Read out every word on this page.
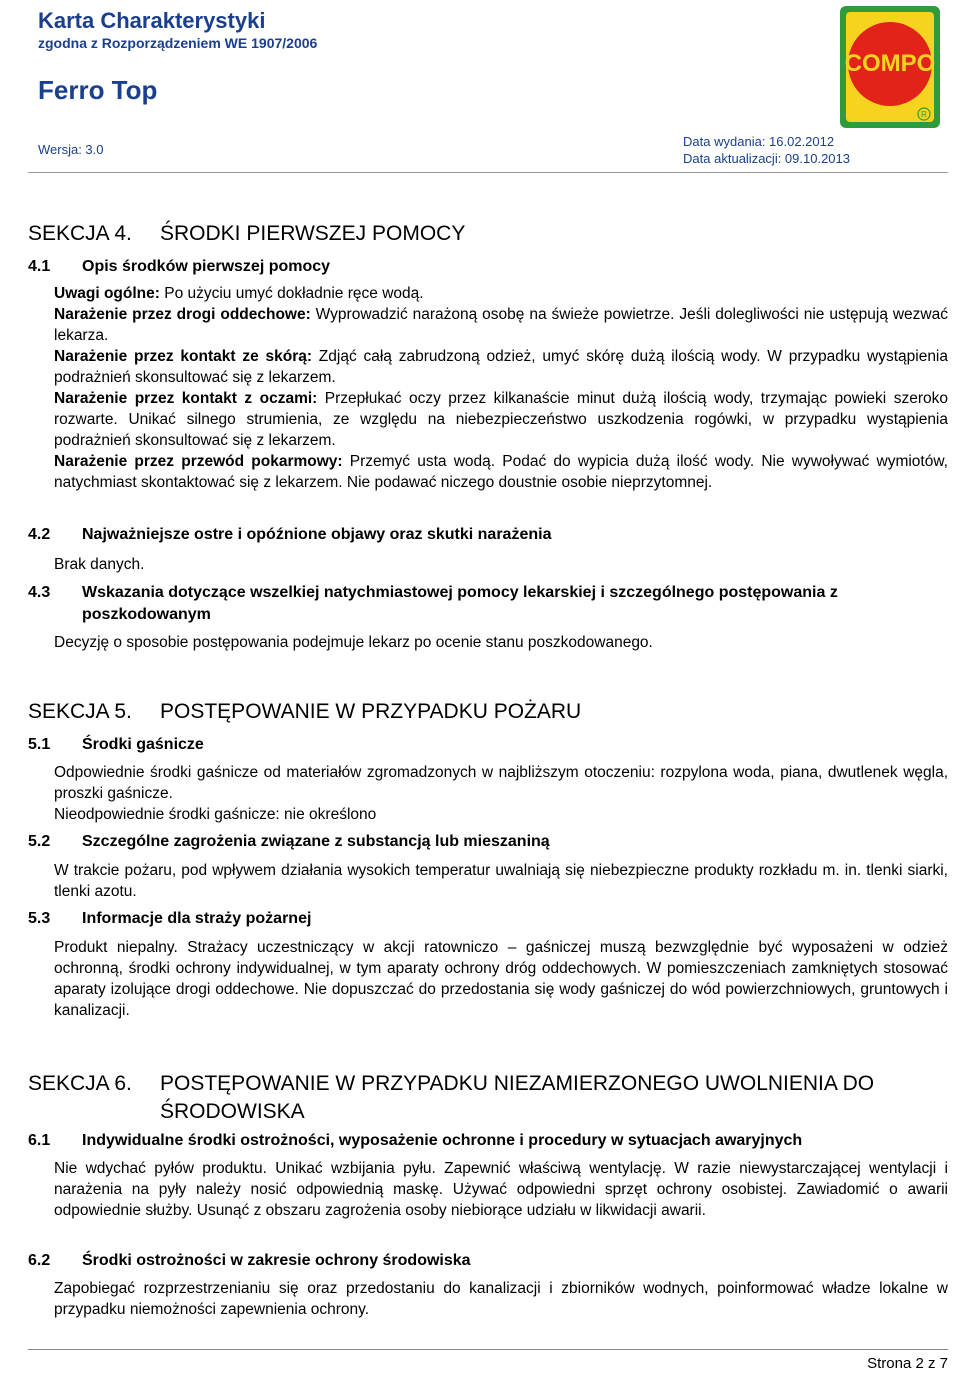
Karta Charakterystyki
zgodna z Rozporządzeniem WE 1907/2006
Ferro Top
Wersja: 3.0
Data wydania: 16.02.2012
Data aktualizacji: 09.10.2013
COMPO
R
SEKCJA 4. ŚRODKI PIERWSZEJ POMOCY
4.1 Opis środków pierwszej pomocy
Uwagi ogólne: Po użyciu umyć dokładnie ręce wodą.
Narażenie przez drogi oddechowe: Wyprowadzić narażoną osobę na świeże powietrze. Jeśli dolegliwości nie ustępują wezwać lekarza.
Narażenie przez kontakt ze skórą: Zdjąć całą zabrudzoną odzież, umyć skórę dużą ilością wody. W przypadku wystąpienia podrażnień skonsultować się z lekarzem.
Narażenie przez kontakt z oczami: Przepłukać oczy przez kilkanaście minut dużą ilością wody, trzymając powieki szeroko rozwarte. Unikać silnego strumienia, ze względu na niebezpieczeństwo uszkodzenia rogówki, w przypadku wystąpienia podrażnień skonsultować się z lekarzem.
Narażenie przez przewód pokarmowy: Przemyć usta wodą. Podać do wypicia dużą ilość wody. Nie wywoływać wymiotów, natychmiast skontaktować się z lekarzem. Nie podawać niczego doustnie osobie nieprzytomnej.
4.2 Najważniejsze ostre i opóźnione objawy oraz skutki narażenia
Brak danych.
4.3	Wskazania dotyczące wszelkiej natychmiastowej pomocy lekarskiej i szczególnego postępowania z poszkodowanym
Decyzję o sposobie postępowania podejmuje lekarz po ocenie stanu poszkodowanego.
SEKCJA 5. POSTĘPOWANIE W PRZYPADKU POŻARU
5.1 Środki gaśnicze
Odpowiednie środki gaśnicze od materiałów zgromadzonych w najbliższym otoczeniu: rozpylona woda, piana, dwutlenek węgla, proszki gaśnicze.
Nieodpowiednie środki gaśnicze: nie określono
5.2 Szczególne zagrożenia związane z substancją lub mieszaniną
W trakcie pożaru, pod wpływem działania wysokich temperatur uwalniają się niebezpieczne produkty rozkładu m. in. tlenki siarki, tlenki azotu.
5.3 Informacje dla straży pożarnej
Produkt niepalny. Strażacy uczestniczący w akcji ratowniczo – gaśniczej muszą bezwzględnie być wyposażeni w odzież ochronną, środki ochrony indywidualnej, w tym aparaty ochrony dróg oddechowych. W pomieszczeniach zamkniętych stosować aparaty izolujące drogi oddechowe. Nie dopuszczać do przedostania się wody gaśniczej do wód powierzchniowych, gruntowych i kanalizacji.
SEKCJA 6.	POSTĘPOWANIE W PRZYPADKU NIEZAMIERZONEGO UWOLNIENIA DO ŚRODOWISKA
6.1 Indywidualne środki ostrożności, wyposażenie ochronne i procedury w sytuacjach awaryjnych
Nie wdychać pyłów produktu. Unikać wzbijania pyłu. Zapewnić właściwą wentylację. W razie niewystarczającej wentylacji i narażenia na pyły należy nosić odpowiednią maskę. Używać odpowiedni sprzęt ochrony osobistej. Zawiadomić o awarii odpowiednie służby. Usunąć z obszaru zagrożenia osoby niebiorące udziału w likwidacji awarii.
6.2 Środki ostrożności w zakresie ochrony środowiska
Zapobiegać rozprzestrzenianiu się oraz przedostaniu do kanalizacji i zbiorników wodnych, poinformować władze lokalne w przypadku niemożności zapewnienia ochrony.
Strona 2 z 7
